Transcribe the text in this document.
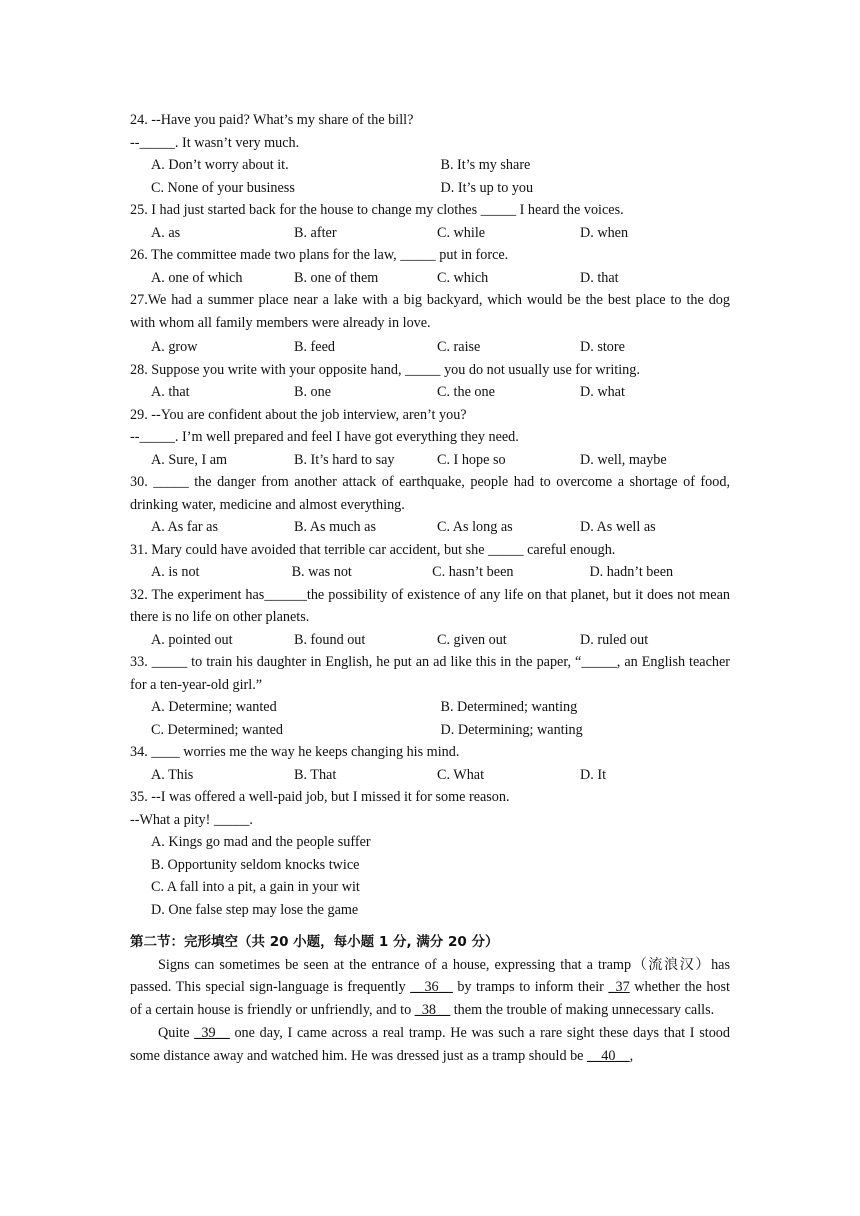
24. --Have you paid? What’s my share of the bill?
--_____. It wasn’t very much.
A. Don’t worry about it.	B. It’s my share
C. None of your business	D. It’s up to you
25. I had just started back for the house to change my clothes _____ I heard the voices.
A. as	B. after	C. while	D. when
26. The committee made two plans for the law, _____ put in force.
A. one of which	B. one of them	C. which	D. that
27.We had a summer place near a lake with a big backyard, which would be the best place to the dog with whom all family members were already in love.
A. grow	B. feed	C. raise	D. store
28. Suppose you write with your opposite hand, _____ you do not usually use for writing.
A. that	B. one	C. the one	D. what
29. --You are confident about the job interview, aren’t you?
--_____. I’m well prepared and feel I have got everything they need.
A. Sure, I am	B. It’s hard to say	C. I hope so	D. well, maybe
30. _____ the danger from another attack of earthquake, people had to overcome a shortage of food, drinking water, medicine and almost everything.
A. As far as	B. As much as	C. As long as	D. As well as
31. Mary could have avoided that terrible car accident, but she _____ careful enough.
A. is not	B. was not	C. hasn’t been	D. hadn’t been
32. The experiment has______the possibility of existence of any life on that planet, but it does not mean there is no life on other planets.
A. pointed out	B. found out	C. given out	D. ruled out
33. _____ to train his daughter in English, he put an ad like this in the paper, “_____, an English teacher for a ten-year-old girl.”
A. Determine; wanted	B. Determined; wanting
C. Determined; wanted	D. Determining; wanting
34. ____ worries me the way he keeps changing his mind.
A. This	B. That	C. What	D. It
35. --I was offered a well-paid job, but I missed it for some reason.
--What a pity! _____.
A. Kings go mad and the people suffer
B. Opportunity seldom knocks twice
C. A fall into a pit, a gain in your wit
D. One false step may lose the game
第二节：完形填空（共 20 小题，每小题 1 分, 满分 20 分）
Signs can sometimes be seen at the entrance of a house, expressing that a tramp（流浪汉）has passed. This special sign-language is frequently __36__ by tramps to inform their _37 whether the host of a certain house is friendly or unfriendly, and to _38__ them the trouble of making unnecessary calls.
Quite _39__ one day, I came across a real tramp. He was such a rare sight these days that I stood some distance away and watched him. He was dressed just as a tramp should be __40__,
